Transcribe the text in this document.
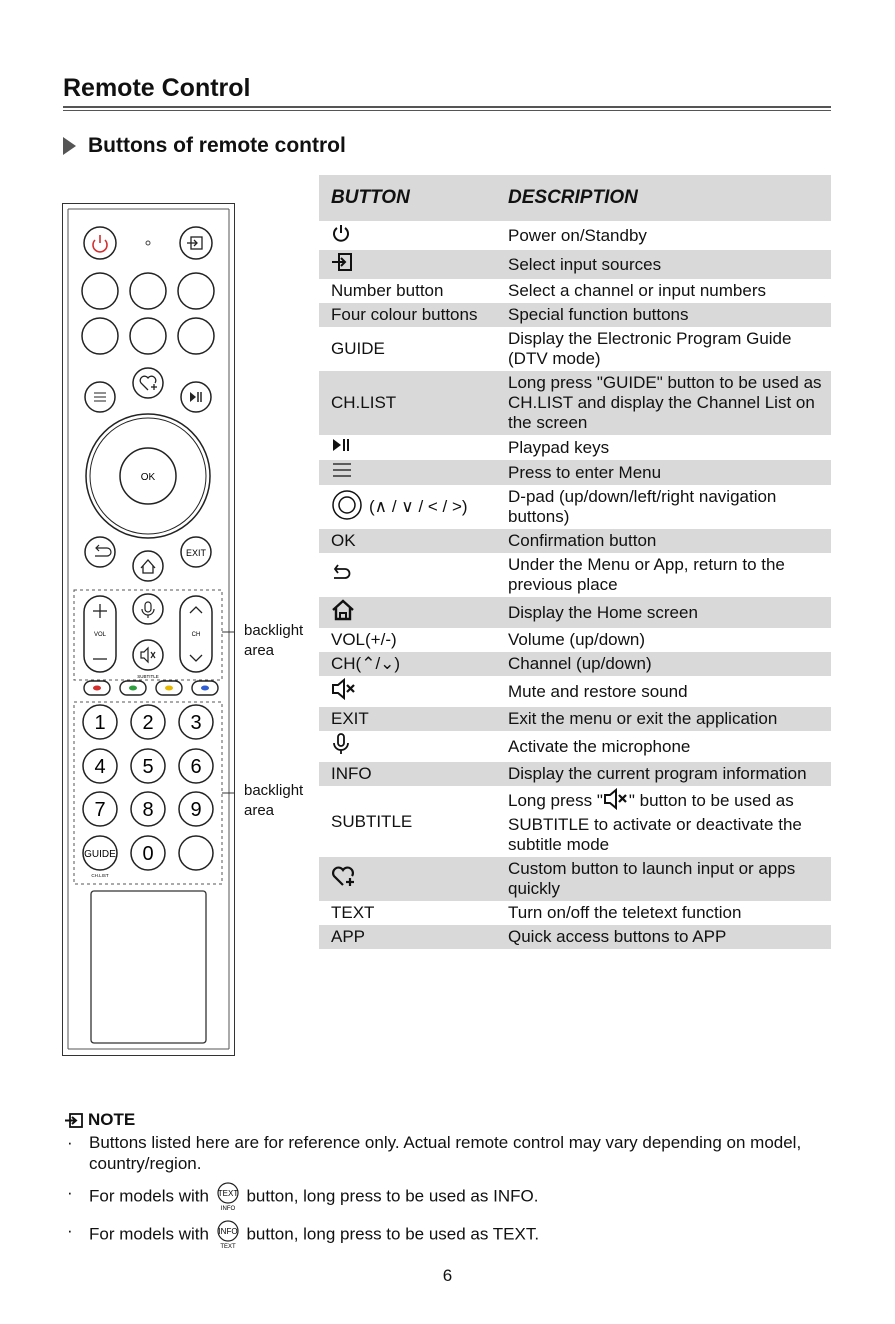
Remote Control
Buttons of remote control
OK
EXIT
VOL
SUBTITLE
CH
1 2 3
4 5 6
7 8 9
0
GUIDE
CH.LIST
backlight area
backlight area
BUTTON	DESCRIPTION
	Power on/Standby
	Select input sources
Number button	Select a channel or input numbers
Four colour buttons	Special function buttons
GUIDE	Display the Electronic Program Guide (DTV mode)
CH.LIST	Long press "GUIDE" button to be used as CH.LIST and display the Channel List on the screen
	Playpad keys
	Press to enter Menu
(∧ / ∨ / < / >)	D-pad (up/down/left/right navigation buttons)
OK	Confirmation button
	Under the Menu or App, return to the previous place
	Display the Home screen
VOL(+/-)	Volume (up/down)
CH(⌃/⌄)	Channel (up/down)
	Mute and restore sound
EXIT	Exit the menu or exit the application
	Activate the microphone
INFO	Display the current program information
SUBTITLE	Long press " " button to be used as SUBTITLE to activate or deactivate the subtitle mode
	Custom button to launch input or apps quickly
TEXT	Turn on/off the teletext function
APP	Quick access buttons to APP
NOTE
· Buttons listed here are for reference only. Actual remote control may vary depending on model, country/region.
· For models with TEXT
INFO
button, long press to be used as INFO.
· For models with INFO
TEXT
button, long press to be used as TEXT.
6
